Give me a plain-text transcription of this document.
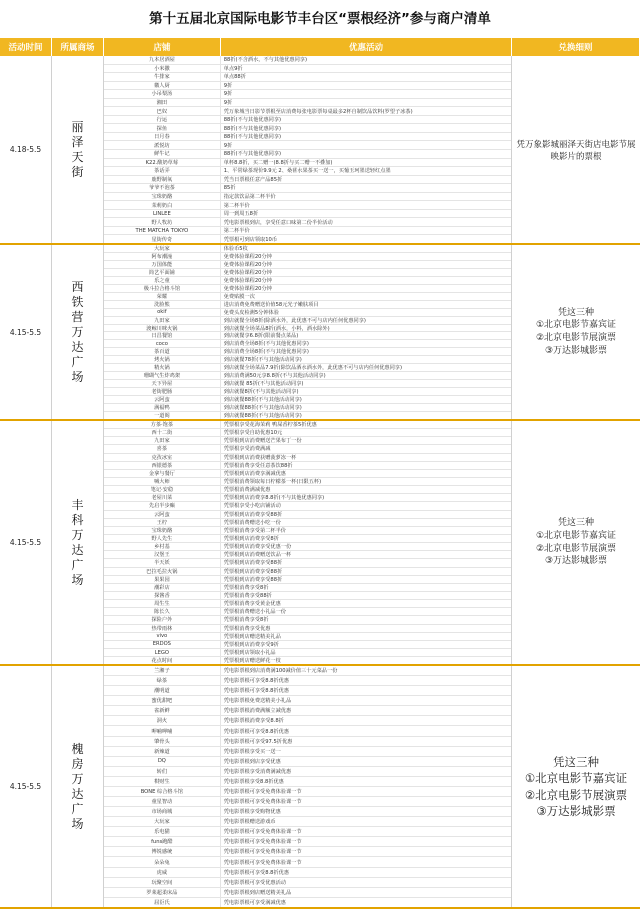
第十五届北京国际电影节丰台区“票根经济”参与商户清单
活动时间	所属商场	店铺	优惠活动	兑换细则
4.18-5.5
丽泽天街
九本居酒屋	88折(不含酒水，不与其他优惠同享)
小米撒	单点9折
牛排家	单点88折
徽人厨	9折
小吊梨汤	9折
湘田	9折
巴奴	凭万象城当日影节票根至店消费每张电影票每桌最多2杯自制饮品饮料(罗望子冰茶)
行运	88折(不与其他优惠同享)
探鱼	88折(不与其他优惠同享)
日月春	88折(不与其他优惠同享)
派悦坊	9折
鲜牛记	88折(不与其他优惠同享)
K22.酸奶草莓	单杯8.8折，买二赠一(8.8折与买二赠一不叠加)
茶话弄	1、平常绿茶现价9.9元 2、桑葚水果茶买一送一，买葡玉珂墨送轻红点墨
鹿野制氧	凭当日票根任意产品85折
爷爷不泡茶	85折
宝珠奶酪	指定款饮品第二杯半价
茉莉奶白	第二杯半价
LINLEE	周一到周五8折
野人牧坊	凭电影票根到店，享受任意口味第二份半价活动
THE MATCHA TOKYO	第二杯半价
星街传奇	凭票根可到店领取10币
凭万象影城丽泽天街店电影节展映影片的票根
4.15-5.5
西铁营万达广场
大玩家	体验币5枚
阿布潮潼	免费体验课程20分钟
万国体能	免费体验课程20分钟
简艺平面铺	免费体验课程20分钟
乐之童	免费体验课程20分钟
极斗拉合格斗馆	免费体验课程20分钟
荣耀	免费贴膜一次
洗脸熊	进店消费免费赠送价值58元光子嫩肤项目
okif	免费头皮检测5分钟体验
九田家	到店就餐全场8折(除酒水外，此优惠不可与店内任何优惠同享)
渡鲸川咪火锅	到店就餐全场菜品8折(酒水，小料，酒水除外)
日昌餐馆	到店就餐享6.8折(限前餐点菜品)
coco	到店消费全场8折(不与其他优惠同享)
茶百道	到店消费全场8折(不与其他优惠同享)
烤火锅	到店就餐78折(不与其他活动同享)
精火锅	到店就餐全场菜品7.9折(除饮品酒水酒水外，此优惠不可与店内任何优惠同享)
珊瑚气生炸鸡架	到店消费满50元享8.8折(不与其他活动同享)
天下异屋	到店就餐 85折(不与其他活动同享)
老街肥肠	到店就餐8折(不与其他活动同享)
云阿蛮	到店就餐88折(不与其他活动同享)
满福鸭	到店就餐88折(不与其他活动同享)
一道阁	到店就餐88折(不与其他活动同享)
凭这三种
①北京电影节嘉宾证
②北京电影节展演票
③万达影城影票
4.15-5.5
丰科万达广场
方茶·饱茶	凭票根享受花海茉莉 鸭屎香柠茶5折优惠
西十二街	凭票根享受自助优惠10元
九田家	凭票根到店消费赠送芒果布丁一份
喜茶	凭票根享受消费满减
克孜冰室	凭票根到店消费获赠菠萝冻一杯
西银德茶	凭票根消费享受任意茶饮88折
金拿与餐厅	凭票根到店消费享满减优惠
喊大师	凭票根消费领取每日柠檬茶一杯(日限五杯)
笔记·安稳	凭票根消费满减优惠
老屋川菜	凭票根到店消费享8.8折(不与其他优惠同享)
先启半步癫	凭票根享受小吃店铺活动
云阿蛮	凭票根到店消费享受88折
王柠	凭票根消费赠送小吃一份
宝珠奶酪	凭票根消费享受第二杯半价
野人先生	凭票根到店消费享受8折
乡村基	凭票根到店消费享受优惠一份
汉堡王	凭票根到店消费赠送饮品一杯
半天妖	凭票根到店消费享受88折
巴拉毛拉火锅	凭票根到店消费享受88折
果果园	凭票根到店消费享受88折
潮彩店	凭票根消费享受8折
探酱香	凭票根消费享受88折
周生生	凭票根消费享受黄金优惠
陈长久	凭票根消费赠送小礼品一份
探险户外	凭票根消费享受8折
热带雨林	凭票根消费享受优惠
vivo	凭票根到店赠送精美礼品
ERDOS	凭票根到店消费享受9折
LEGO	凭票根到店领取小礼品
花点时间	凭票根到店赠送鲜花一枝
凭这三种
①北京电影节嘉宾证
②北京电影节展演票
③万达影城影票
4.15-5.5
槐房万达广场
兰湘子	凭电影票根到店消费满100减价值三十元菜品一份
绿茶	凭电影票根可享受8.8折优惠
潮明道	凭电影票根可享受8.8折优惠
蜜优甜吧	凭电影票根免费送精美小礼品
雀新鲜	凭电影票根消费满额立减优惠
洞火	凭电影票根消费享受8.8折
呷哺呷哺	凭电影票根可享受8.8折优惠
肇骨头	凭电影票根可享受97.5折优惠
新辣道	凭电影票根享受买一送一
DQ	凭电影票根到店享受优惠
转们	凭电影票根享受消费满减优惠
棋财生	凭电影票根享受8.8折优惠
BONE 综合格斗馆	凭电影票根可享受免费体验课一节
童星智动	凭电影票根可享受免费体验课一节
市场商城	凭电影票根享受购物优惠
大玩家	凭电影票根赠送游戏币
乐电猫	凭电影票根可享受免费体验课一节
funs跑酷	凭电影票根可享受免费体验课一节
博锐感统	凭电影票根可享受免费体验课一节
朵朵兔	凭电影票根可享受免费体验课一节
虎威	凭电影票根可享受8.8折优惠
玩聚空间	凭电影票根可享受优惠活动
罗莱超柔床品	凭电影票根到店赠送精美礼品
屈臣氏	凭电影票根可享受满减优惠
凭这三种
①北京电影节嘉宾证
②北京电影节展演票
③万达影城影票
